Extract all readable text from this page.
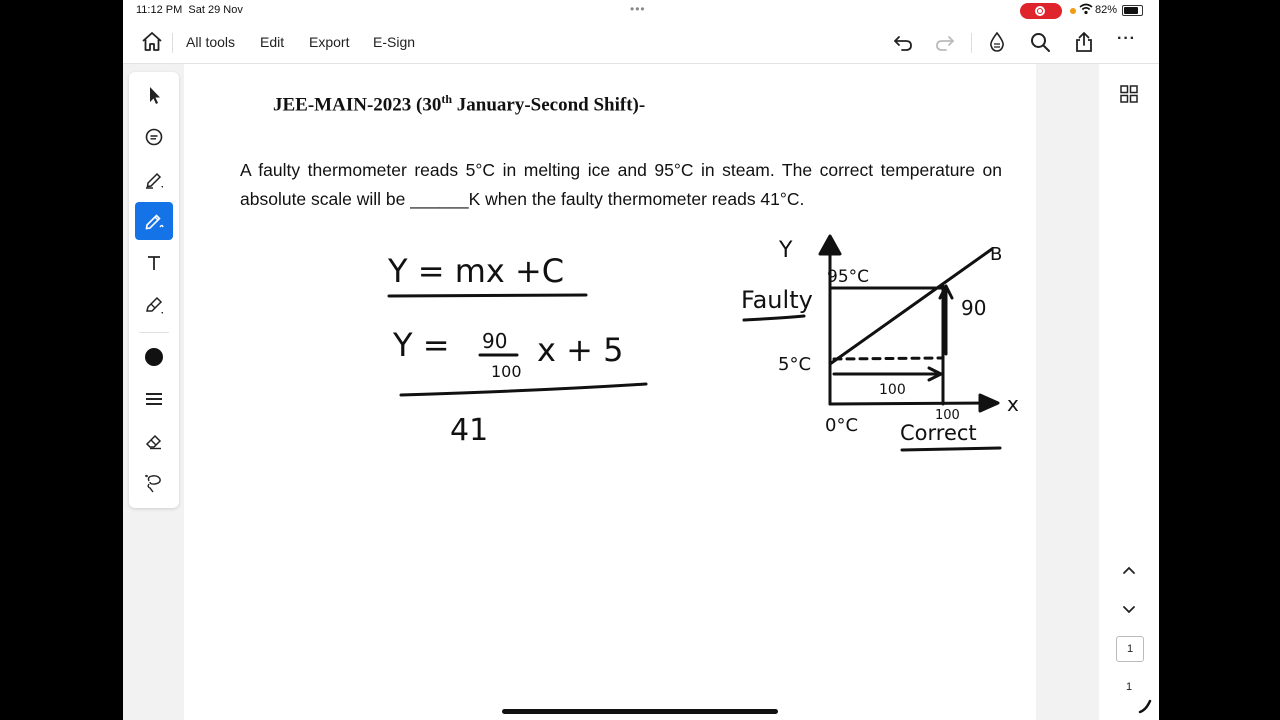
11:12 PM Sat 29 Nov	•••	82%
All tools Edit Export E-Sign	···
JEE-MAIN-2023 (30th January-Second Shift)-
A faulty thermometer reads 5°C in melting ice and 95°C in steam. The correct temperature on absolute scale will be ______K when the faulty thermometer reads 41°C.
Y = mx +C
Y = 90
100
x + 5
41
Y
x
B
Faulty
95°C
5°C
0°C
90
100
100
Correct
1
1
